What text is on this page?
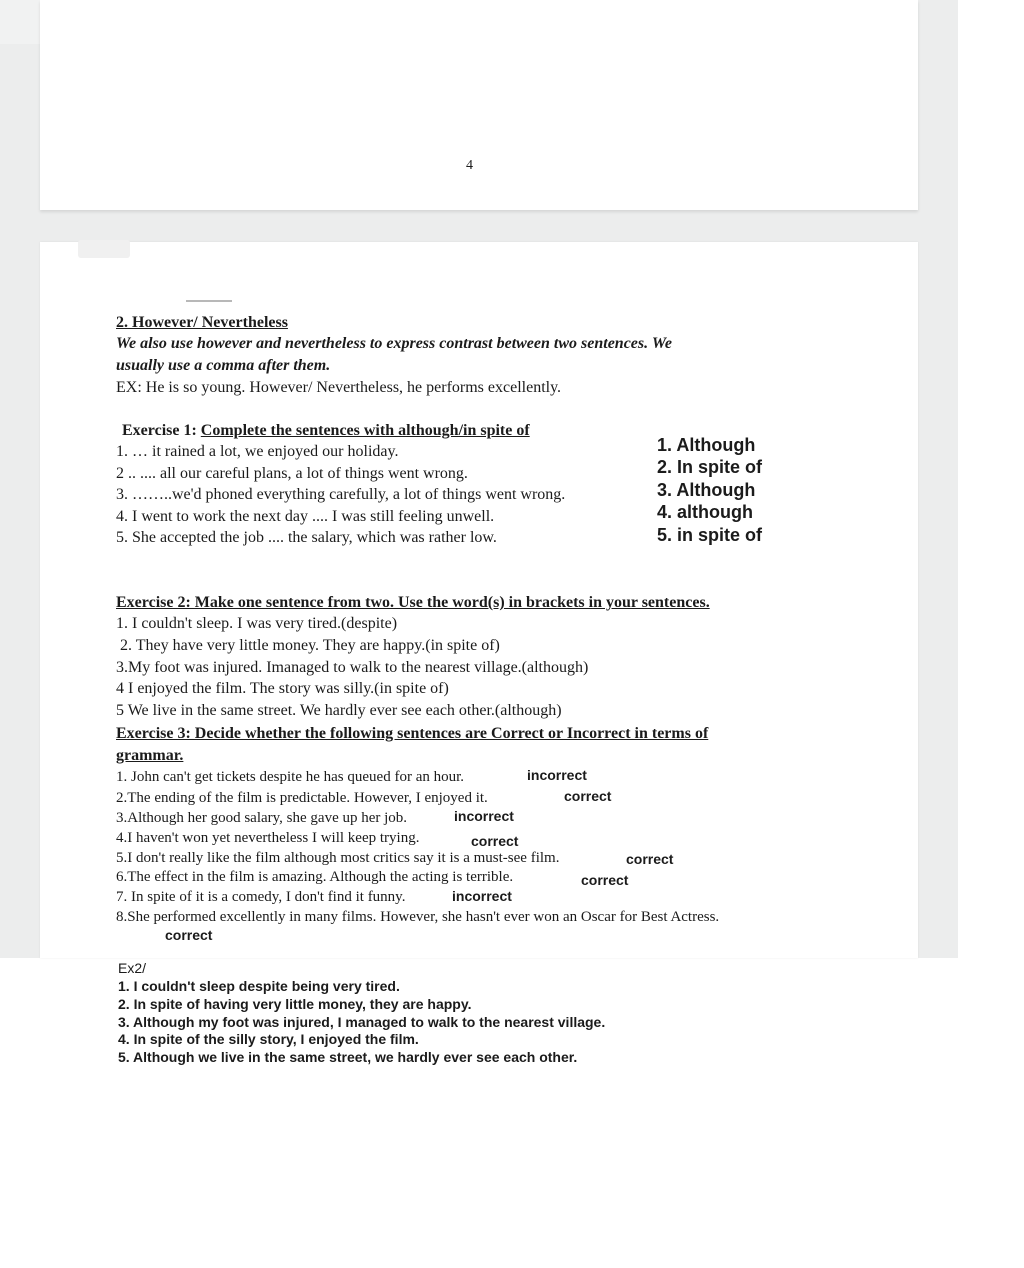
4
2. However/ Nevertheless
We also use however and nevertheless to express contrast between two sentences. We
usually use a comma after them.
EX: He is so young. However/ Nevertheless, he performs excellently.
Exercise 1: Complete the sentences with although/in spite of
1. … it rained a lot, we enjoyed our holiday.
2 .. .... all our careful plans, a lot of things went wrong.
3. ……..we'd phoned everything carefully, a lot of things went wrong.
4. I went to work the next day .... I was still feeling unwell.
5. She accepted the job .... the salary, which was rather low.
1. Although
2. In spite of
3. Although
4. although
5. in spite of
Exercise 2: Make one sentence from two. Use the word(s) in brackets in your sentences.
1. I couldn't sleep. I was very tired.(despite)
2. They have very little money. They are happy.(in spite of)
3.My foot was injured. Imanaged to walk to the nearest village.(although)
4 I enjoyed the film. The story was silly.(in spite of)
5 We live in the same street. We hardly ever see each other.(although)
Exercise 3: Decide whether the following sentences are Correct or Incorrect in terms of
grammar.
1. John can't get tickets despite he has queued for an hour.
2.The ending of the film is predictable. However, I enjoyed it.
3.Although her good salary, she gave up her job.
4.I haven't won yet nevertheless I will keep trying.
5.I don't really like the film although most critics say it is a must-see film.
6.The effect in the film is amazing. Although the acting is terrible.
7. In spite of it is a comedy, I don't find it funny.
8.She performed excellently in many films. However, she hasn't ever won an Oscar for Best Actress.
incorrect
correct
incorrect
correct
correct
correct
incorrect
correct
Ex2/
1. I couldn't sleep despite being very tired.
2. In spite of having very little money, they are happy.
3. Although my foot was injured, I managed to walk to the nearest village.
4. In spite of the silly story, I enjoyed the film.
5. Although we live in the same street, we hardly ever see each other.
